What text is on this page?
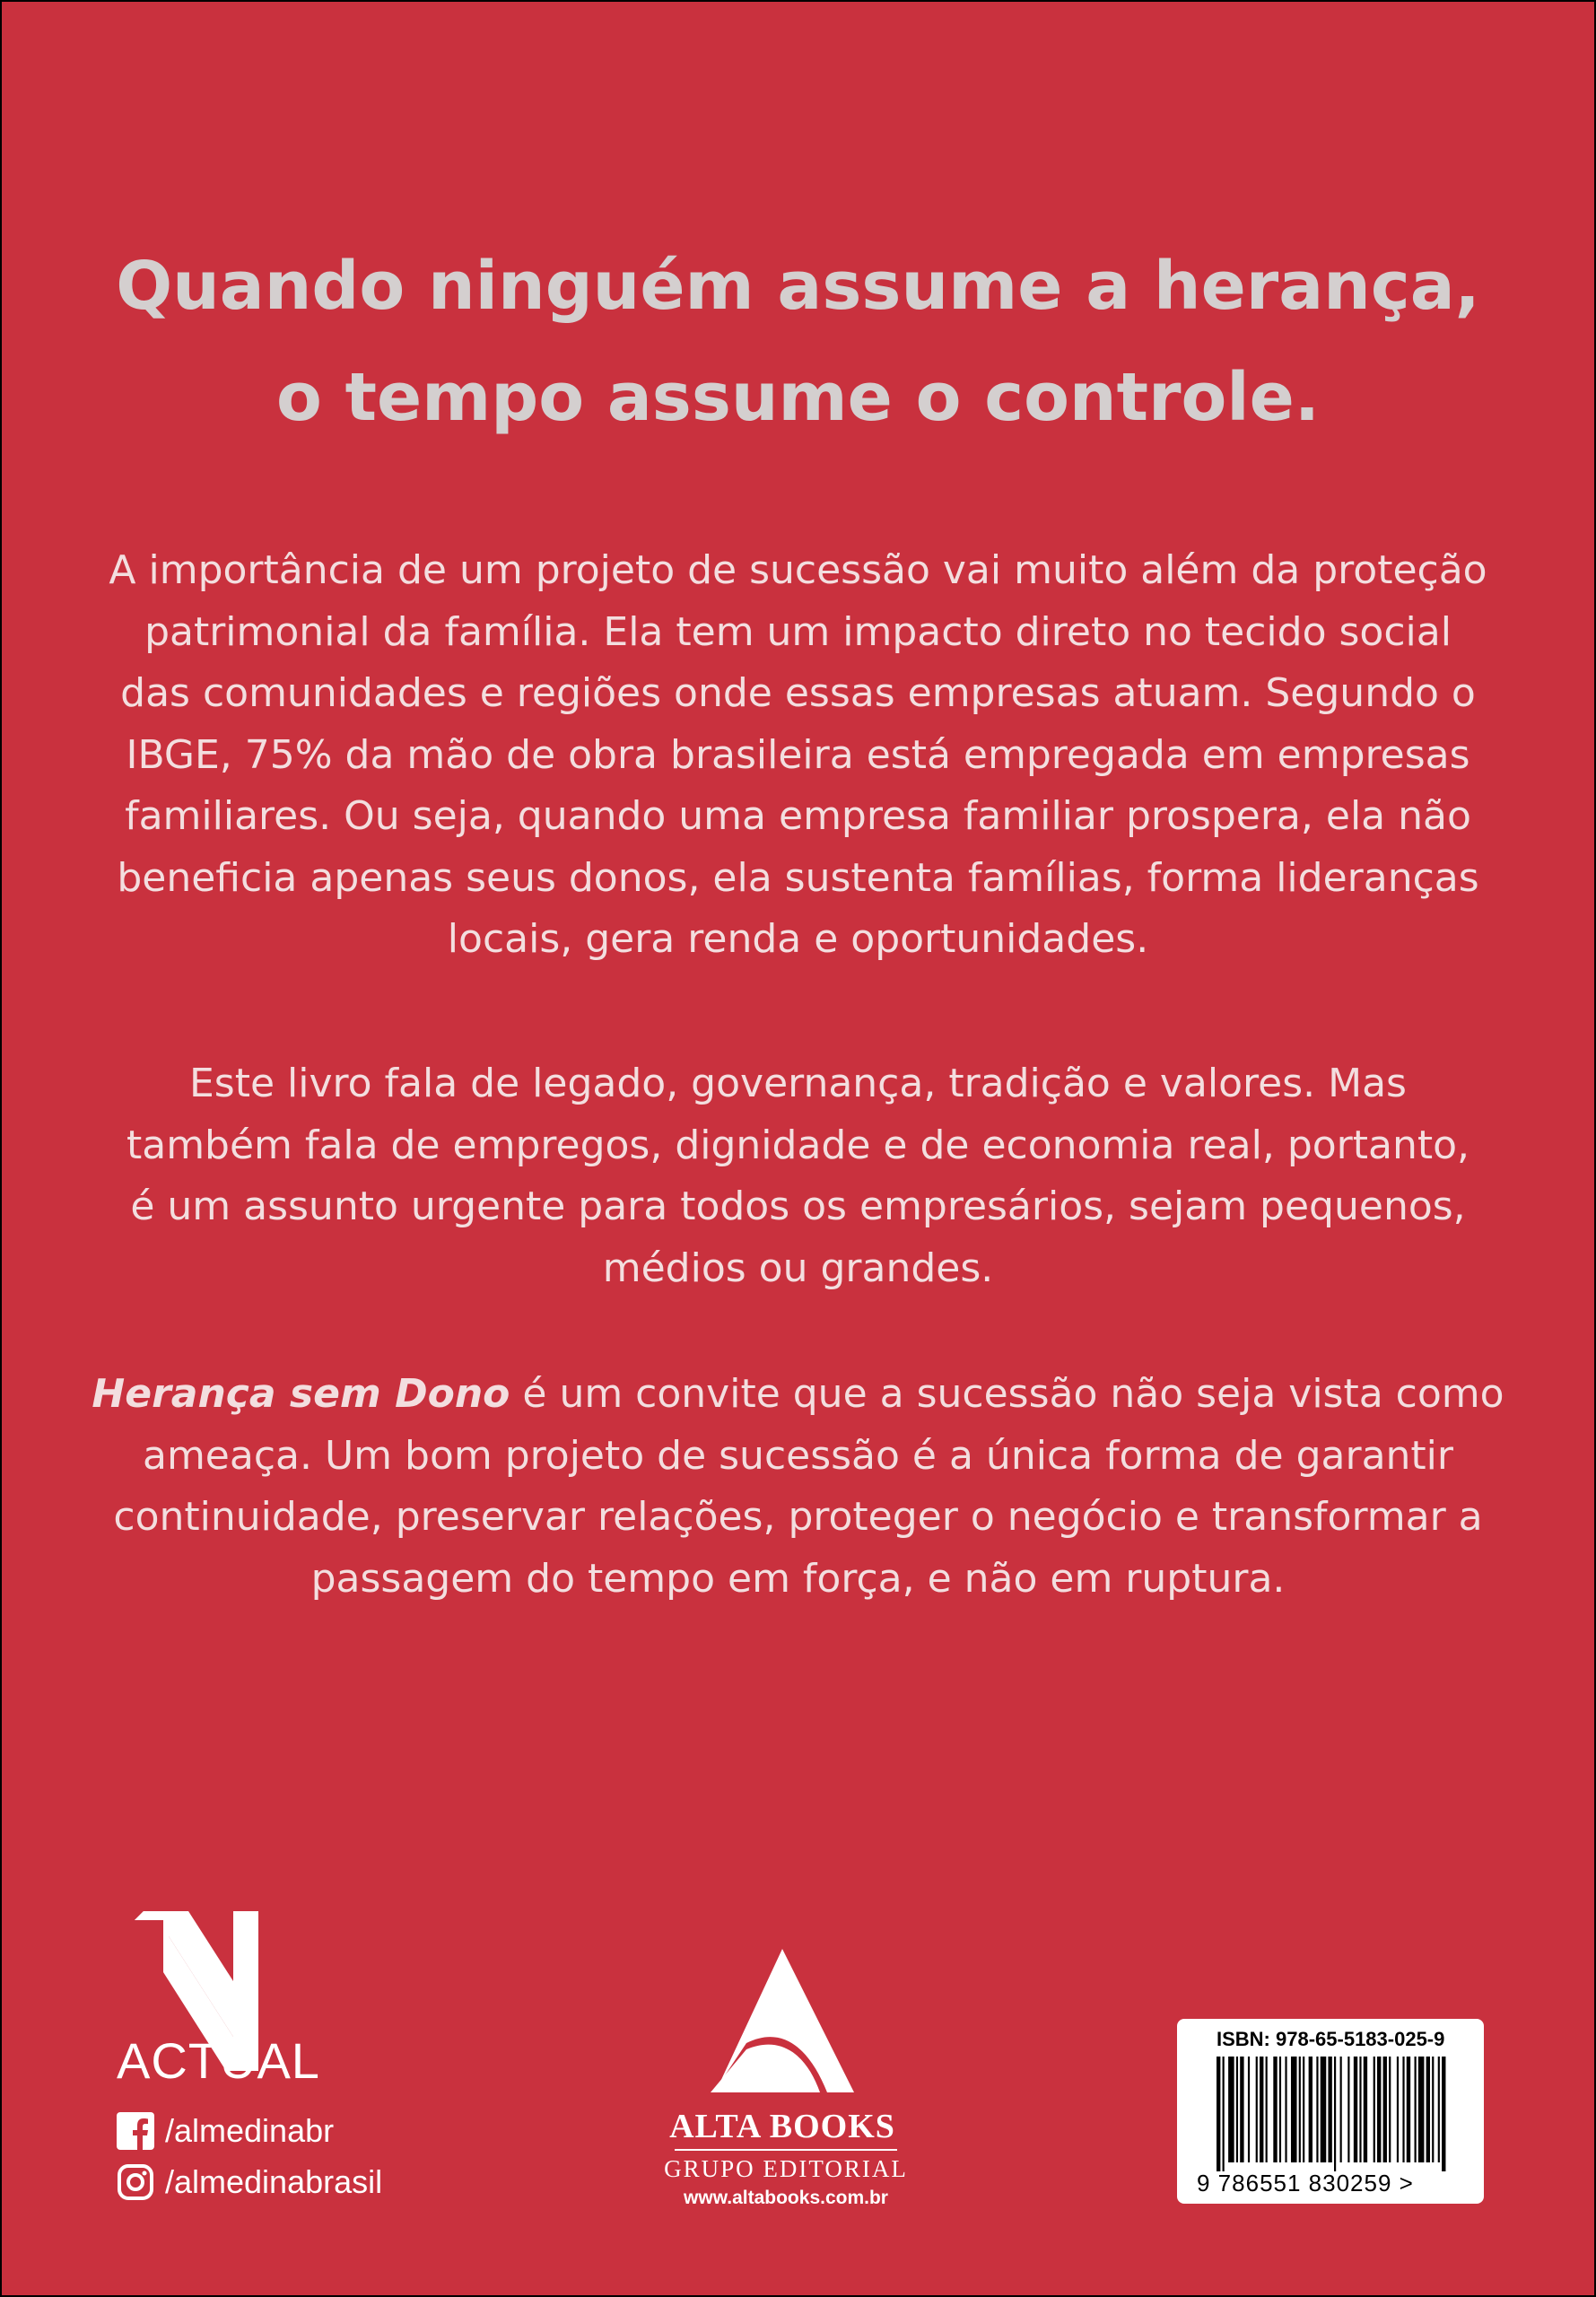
Quando ninguém assume a herança,
o tempo assume o controle.

A importância de um projeto de sucessão vai muito além da proteção
patrimonial da família. Ela tem um impacto direto no tecido social
das comunidades e regiões onde essas empresas atuam. Segundo o
IBGE, 75% da mão de obra brasileira está empregada em empresas
familiares. Ou seja, quando uma empresa familiar prospera, ela não
beneficia apenas seus donos, ela sustenta famílias, forma lideranças
locais, gera renda e oportunidades.

Este livro fala de legado, governança, tradição e valores. Mas
também fala de empregos, dignidade e de economia real, portanto,
é um assunto urgente para todos os empresários, sejam pequenos,
médios ou grandes.

Herança sem Dono é um convite que a sucessão não seja vista como
ameaça. Um bom projeto de sucessão é a única forma de garantir
continuidade, preservar relações, proteger o negócio e transformar a
passagem do tempo em força, e não em ruptura.

ACTUAL
/almedinabr
/almedinabrasil
ALTA BOOKS
GRUPO EDITORIAL
www.altabooks.com.br
ISBN: 978-65-5183-025-9
9 786551 830259 >
